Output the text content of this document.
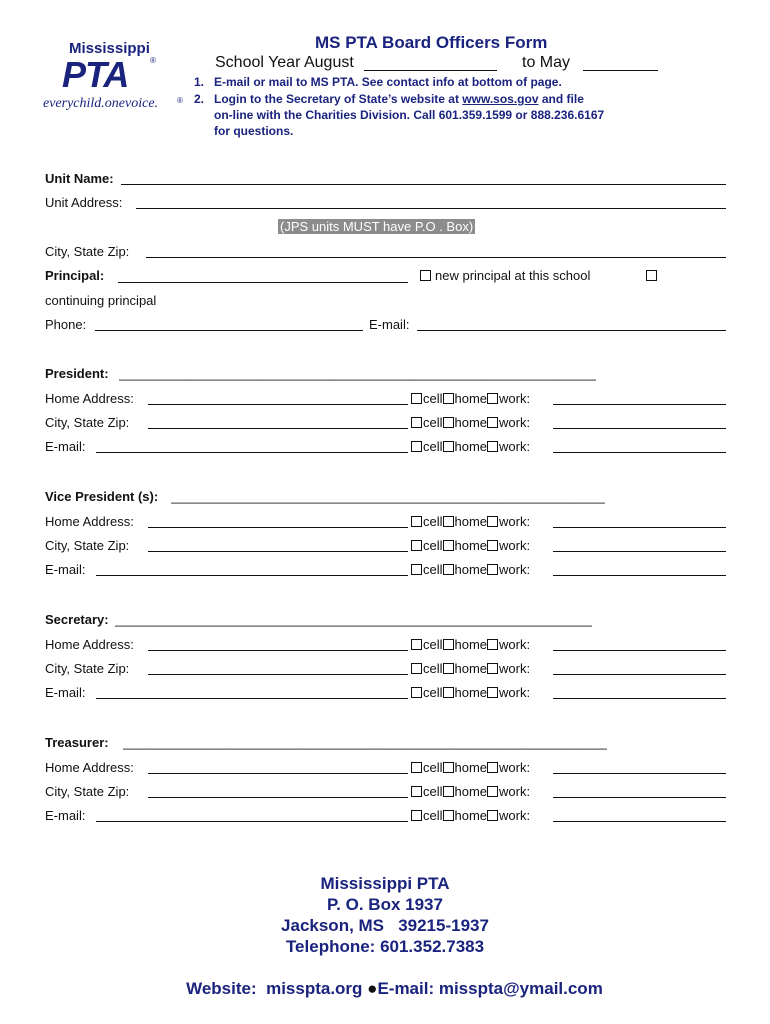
Mississippi
PTA	®
everychild.onevoice. ®
MS PTA Board Officers Form
School Year August	to May
1. E-mail or mail to MS PTA. See contact info at bottom of page.
2. Login to the Secretary of State’s website at www.sos.gov and file
on-line with the Charities Division. Call 601.359.1599 or 888.236.6167
for questions.
Unit Name:
Unit Address:
(JPS units MUST have P.O . Box)
City, State Zip:
Principal:	new principal at this school
continuing principal
Phone:	E-mail:
President: __________________________________________________________________
Home Address:	cell home work:
City, State Zip:	cell home work:
E-mail:	cell home work:
Vice President (s): ____________________________________________________________
Home Address:	cell home work:
City, State Zip:	cell home work:
E-mail:	cell home work:
Secretary: __________________________________________________________________
Home Address:	cell home work:
City, State Zip:	cell home work:
E-mail:	cell home work:
Treasurer: ___________________________________________________________________
Home Address:	cell home work:
City, State Zip:	cell home work:
E-mail:	cell home work:
Mississippi PTA
P. O. Box 1937
Jackson, MS   39215-1937
Telephone: 601.352.7383

Website:  misspta.org ●E-mail: misspta@ymail.com
